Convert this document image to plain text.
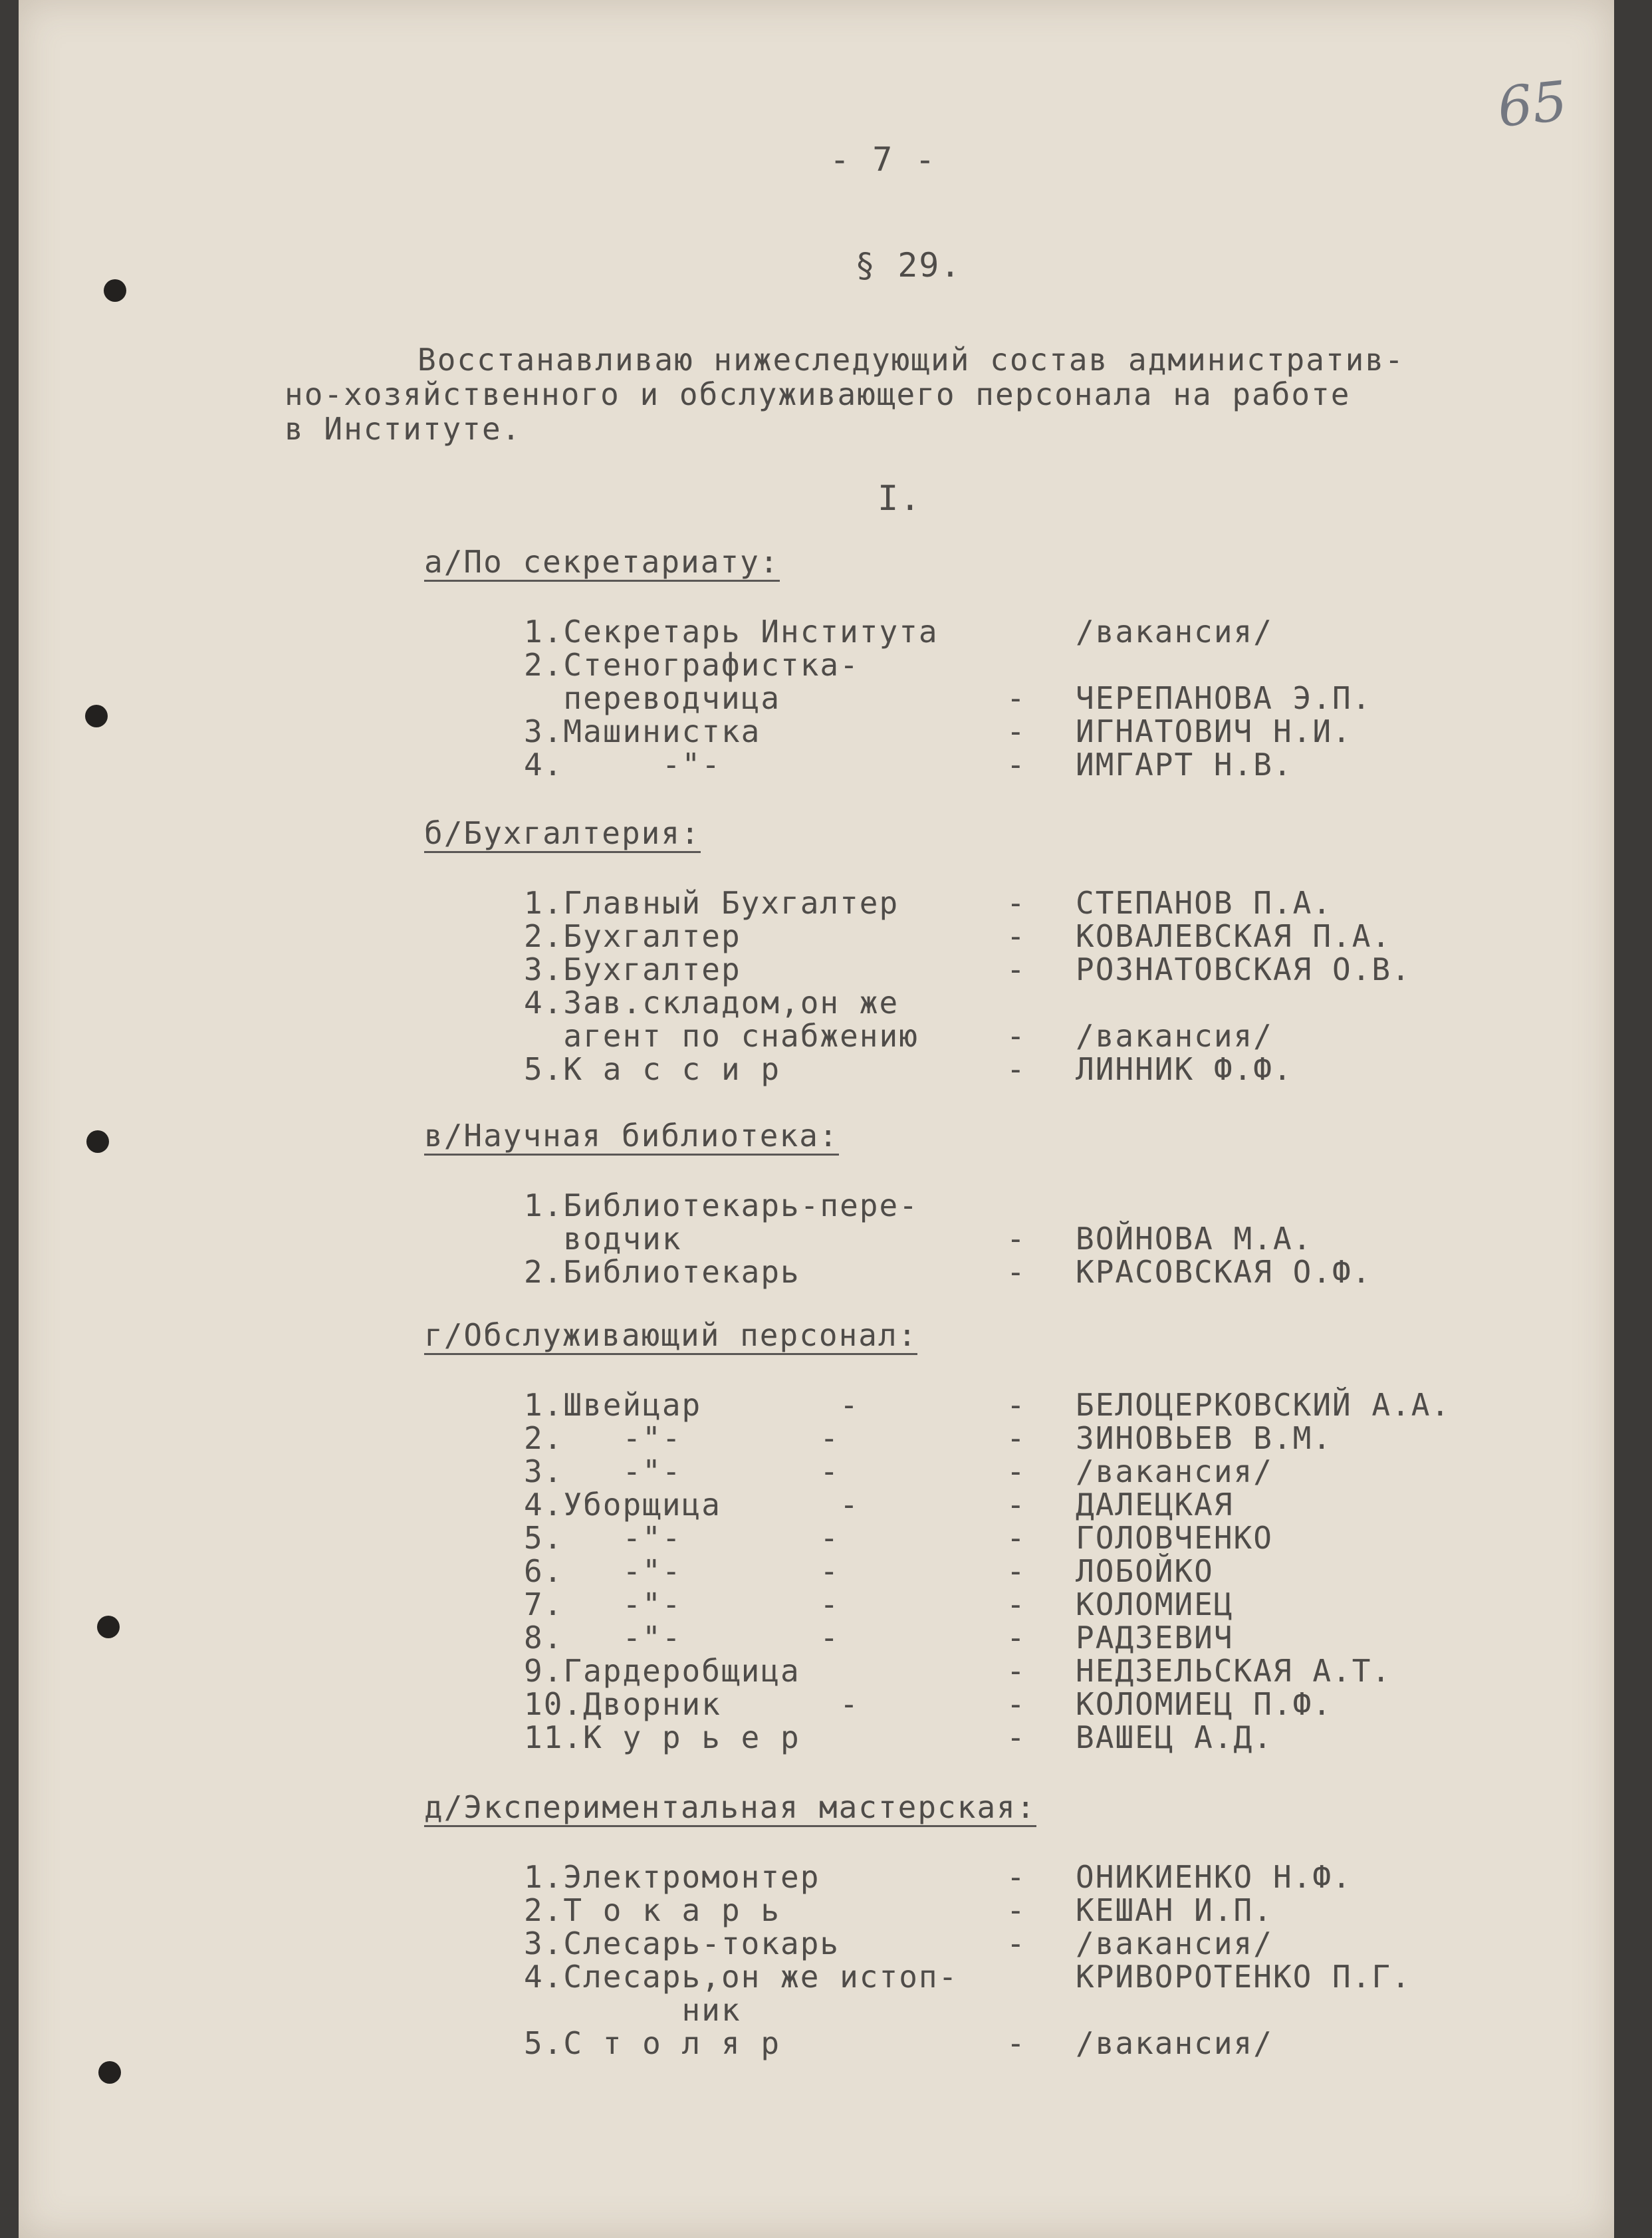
- 7 -
65
§ 29.
Восстанавливаю нижеследующий состав административ-
но-хозяйственного и обслуживающего персонала на работе
в Институте.
I.
а/По секретариату:
1.Секретарь Института	/вакансия/
2.Стенографистка-
переводчица	- ЧЕРЕПАНОВА Э.П.
3.Машинистка	- ИГНАТОВИЧ Н.И.
4.     -"-	- ИМГАРТ Н.В.
б/Бухгалтерия:
1.Главный Бухгалтер	- СТЕПАНОВ П.А.
2.Бухгалтер	- КОВАЛЕВСКАЯ П.А.
3.Бухгалтер	- РОЗНАТОВСКАЯ О.В.
4.Зав.складом,он же
агент по снабжению	- /вакансия/
5.К а с с и р	- ЛИННИК Ф.Ф.
в/Научная библиотека:
1.Библиотекарь-пере-
водчик	- ВОЙНОВА М.А.
2.Библиотекарь	- КРАСОВСКАЯ О.Ф.
г/Обслуживающий персонал:
1.Швейцар       -	- БЕЛОЦЕРКОВСКИЙ А.А.
2.   -"-       -	- ЗИНОВЬЕВ В.М.
3.   -"-       -	- /вакансия/
4.Уборщица      -	- ДАЛЕЦКАЯ
5.   -"-       -	- ГОЛОВЧЕНКО
6.   -"-       -	- ЛОБОЙКО
7.   -"-       -	- КОЛОМИЕЦ
8.   -"-       -	- РАДЗЕВИЧ
9.Гардеробщица	- НЕДЗЕЛЬСКАЯ А.Т.
10.Дворник      -	- КОЛОМИЕЦ П.Ф.
11.К у р ь е р	- ВАШЕЦ А.Д.
д/Экспериментальная мастерская:
1.Электромонтер	- ОНИКИЕНКО Н.Ф.
2.Т о к а р ь	- КЕШАН И.П.
3.Слесарь-токарь	- /вакансия/
4.Слесарь,он же истоп-	КРИВОРОТЕНКО П.Г.
ник
5.С т о л я р	- /вакансия/
